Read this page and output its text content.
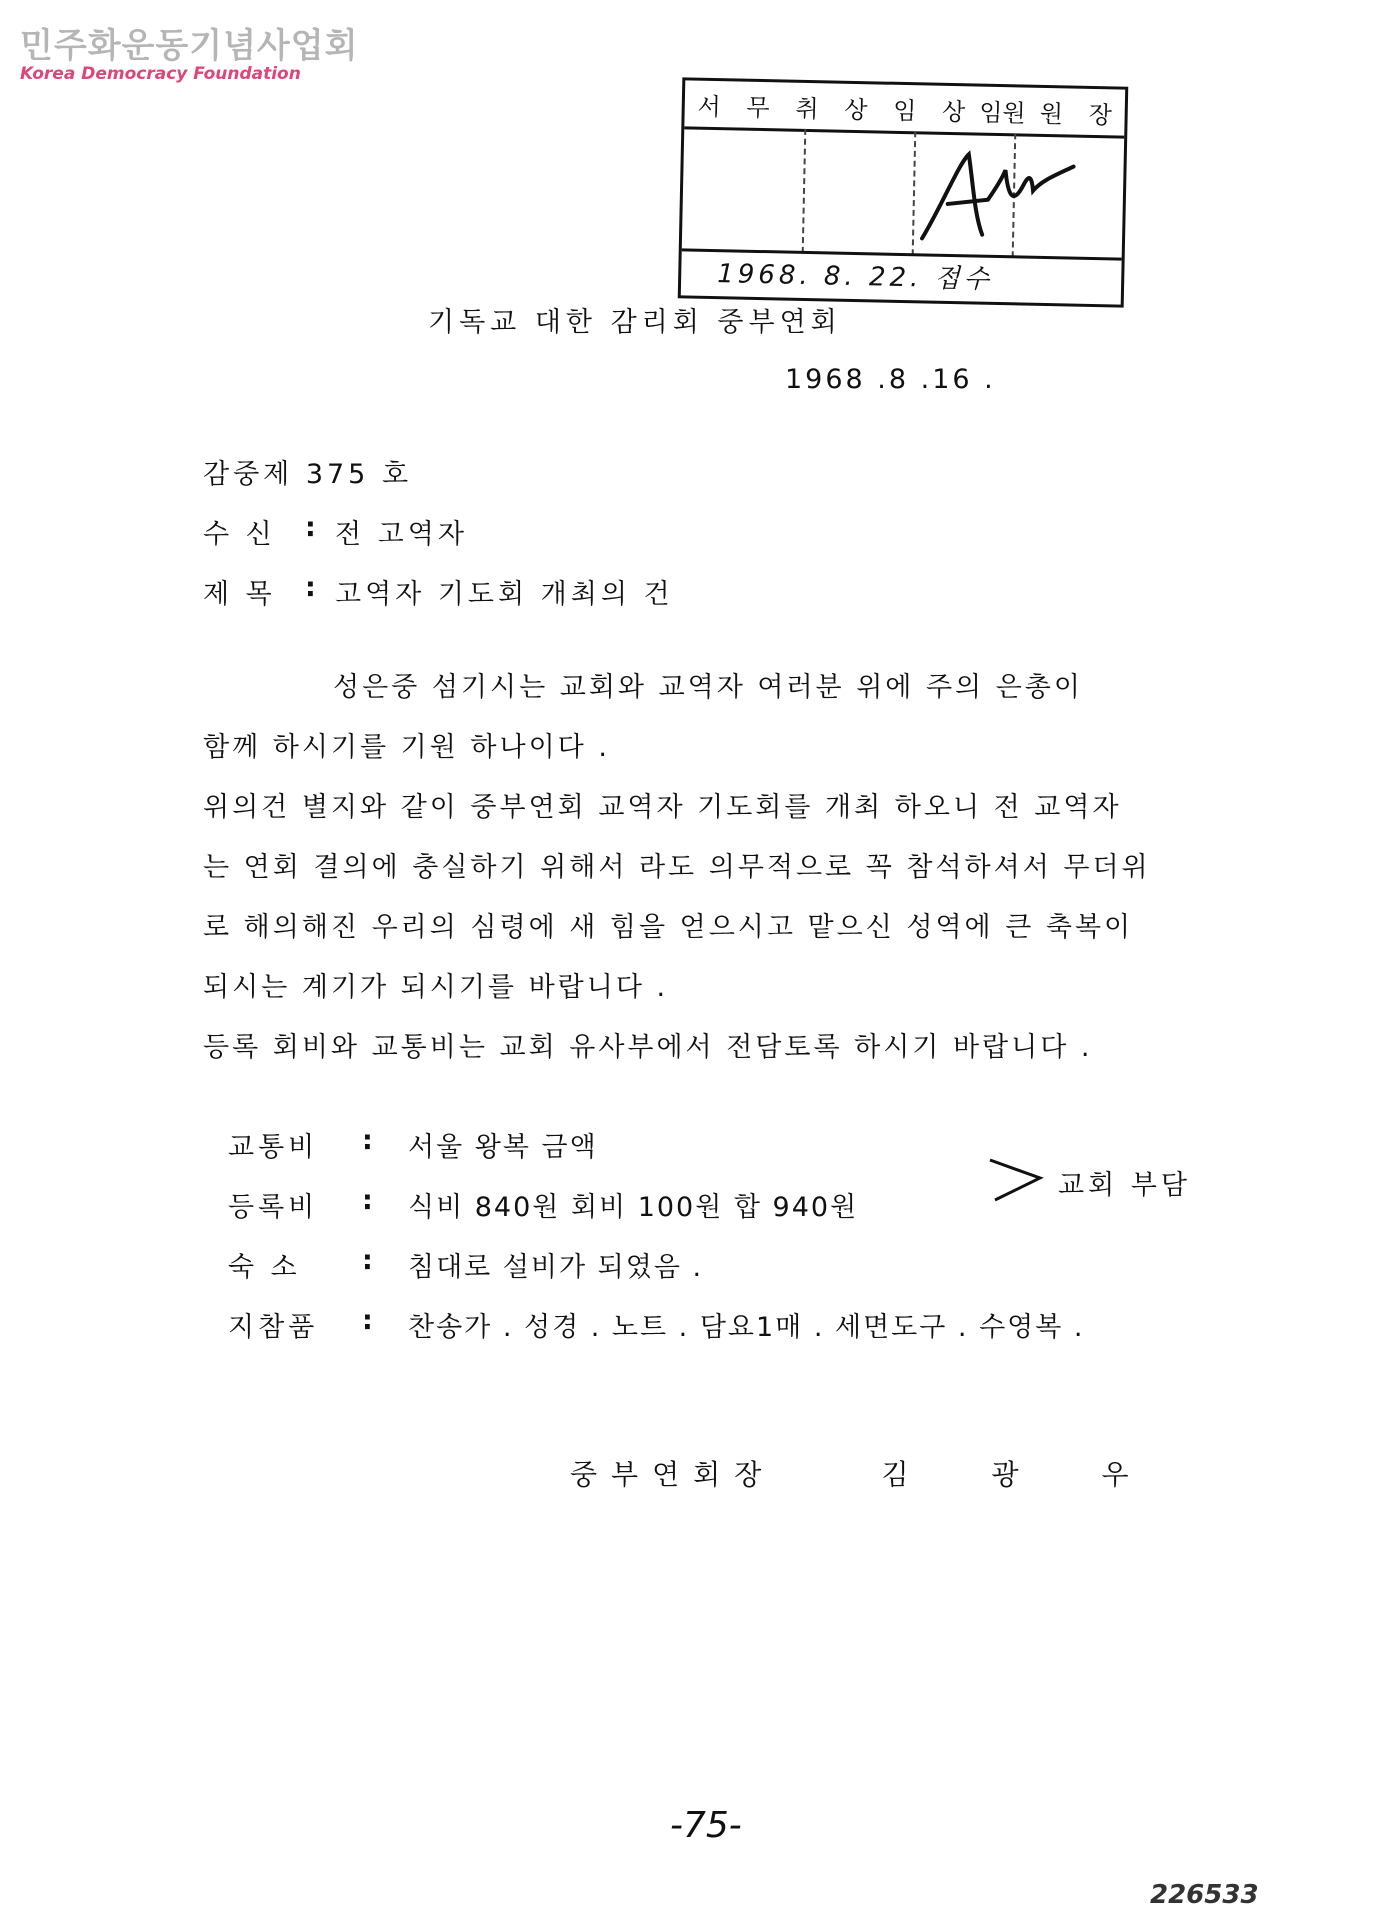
민주화운동기념사업회
Korea Democracy Foundation
서	무	취	상	임	상 임원 원	장
1968. 8. 22. 접수
기독교 대한 감리회 중부연회
1968 .8 .16 .
감중제 375 호
수 신 : 전 고역자
제 목 : 고역자 기도회 개최의 건
성은중 섬기시는 교회와 교역자 여러분 위에 주의 은총이
함께 하시기를 기원 하나이다 .
위의건 별지와 같이 중부연회 교역자 기도회를 개최 하오니 전 교역자
는 연회 결의에 충실하기 위해서 라도 의무적으로 꼭 참석하셔서 무더위
로 해의해진 우리의 심령에 새 힘을 얻으시고 맡으신 성역에 큰 축복이
되시는 계기가 되시기를 바랍니다 .
등록 회비와 교통비는 교회 유사부에서 전담토록 하시기 바랍니다 .
교통비 : 서울 왕복 금액
등록비 : 식비 840원 회비 100원 합 940원
숙 소 : 침대로 설비가 되였음 .
지참품 : 찬송가 . 성경 . 노트 . 담요1매 . 세면도구 . 수영복 .
교회 부담
중부연회장	김	광	우
-75-
226533
